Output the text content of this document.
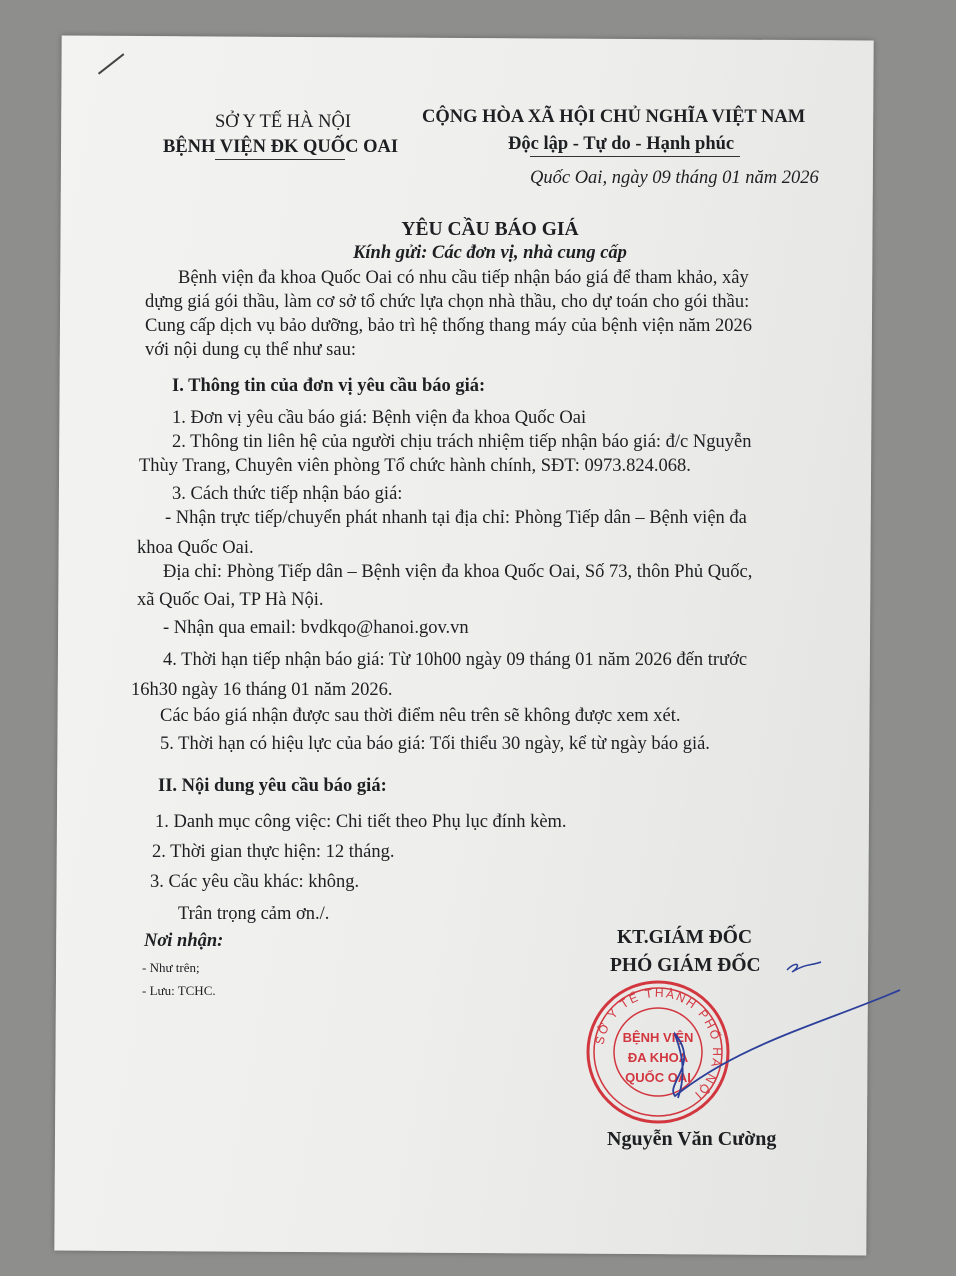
SỞ Y TẾ HÀ NỘI
BỆNH VIỆN ĐK QUỐC OAI
CỘNG HÒA XÃ HỘI CHỦ NGHĨA VIỆT NAM
Độc lập - Tự do - Hạnh phúc
Quốc Oai, ngày 09 tháng 01 năm 2026
YÊU CẦU BÁO GIÁ
Kính gửi: Các đơn vị, nhà cung cấp
Bệnh viện đa khoa Quốc Oai có nhu cầu tiếp nhận báo giá để tham khảo, xây
dựng giá gói thầu, làm cơ sở tổ chức lựa chọn nhà thầu, cho dự toán cho gói thầu:
Cung cấp dịch vụ bảo dưỡng, bảo trì hệ thống thang máy của bệnh viện năm 2026
với nội dung cụ thể như sau:
I. Thông tin của đơn vị yêu cầu báo giá:
1. Đơn vị yêu cầu báo giá: Bệnh viện đa khoa Quốc Oai
2. Thông tin liên hệ của người chịu trách nhiệm tiếp nhận báo giá: đ/c Nguyễn
Thùy Trang, Chuyên viên phòng Tổ chức hành chính, SĐT: 0973.824.068.
3. Cách thức tiếp nhận báo giá:
- Nhận trực tiếp/chuyển phát nhanh tại địa chỉ: Phòng Tiếp dân – Bệnh viện đa
khoa Quốc Oai.
Địa chỉ: Phòng Tiếp dân – Bệnh viện đa khoa Quốc Oai, Số 73, thôn Phủ Quốc,
xã Quốc Oai, TP Hà Nội.
- Nhận qua email: bvdkqo@hanoi.gov.vn
4. Thời hạn tiếp nhận báo giá: Từ 10h00 ngày 09 tháng 01 năm 2026 đến trước
16h30 ngày 16 tháng 01 năm 2026.
Các báo giá nhận được sau thời điểm nêu trên sẽ không được xem xét.
5. Thời hạn có hiệu lực của báo giá: Tối thiểu 30 ngày, kể từ ngày báo giá.
II. Nội dung yêu cầu báo giá:
1. Danh mục công việc: Chi tiết theo Phụ lục đính kèm.
2. Thời gian thực hiện: 12 tháng.
3. Các yêu cầu khác: không.
Trân trọng cảm ơn./.
Nơi nhận:
- Như trên;
- Lưu: TCHC.
KT.GIÁM ĐỐC
PHÓ GIÁM ĐỐC
SỞ Y TẾ THÀNH PHỐ HÀ NỘI
BỆNH VIỆN
ĐA KHOA
QUỐC OAI
Nguyễn Văn Cường
